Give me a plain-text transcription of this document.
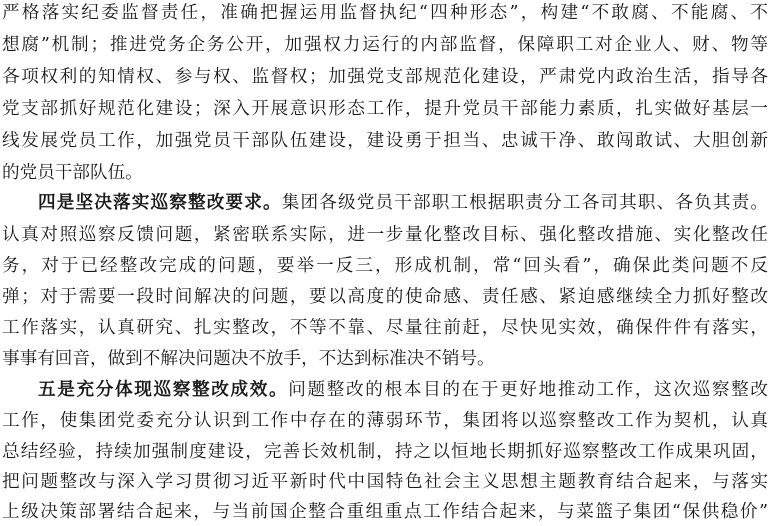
严格落实纪委监督责任，准确把握运用监督执纪“四种形态”，构建“不敢腐、不能腐、不
想腐”机制；推进党务企务公开，加强权力运行的内部监督，保障职工对企业人、财、物等
各项权利的知情权、参与权、监督权；加强党支部规范化建设，严肃党内政治生活，指导各
党支部抓好规范化建设；深入开展意识形态工作，提升党员干部能力素质，扎实做好基层一
线发展党员工作，加强党员干部队伍建设，建设勇于担当、忠诚干净、敢闯敢试、大胆创新
的党员干部队伍。
四是坚决落实巡察整改要求。集团各级党员干部职工根据职责分工各司其职、各负其责。
认真对照巡察反馈问题，紧密联系实际，进一步量化整改目标、强化整改措施、实化整改任
务，对于已经整改完成的问题，要举一反三，形成机制，常“回头看”，确保此类问题不反
弹；对于需要一段时间解决的问题，要以高度的使命感、责任感、紧迫感继续全力抓好整改
工作落实，认真研究、扎实整改，不等不靠、尽量往前赶，尽快见实效，确保件件有落实，
事事有回音，做到不解决问题决不放手，不达到标准决不销号。
五是充分体现巡察整改成效。问题整改的根本目的在于更好地推动工作，这次巡察整改
工作，使集团党委充分认识到工作中存在的薄弱环节，集团将以巡察整改工作为契机，认真
总结经验，持续加强制度建设，完善长效机制，持之以恒地长期抓好巡察整改工作成果巩固，
把问题整改与深入学习贯彻习近平新时代中国特色社会主义思想主题教育结合起来，与落实
上级决策部署结合起来，与当前国企整合重组重点工作结合起来，与菜篮子集团“保供稳价”
